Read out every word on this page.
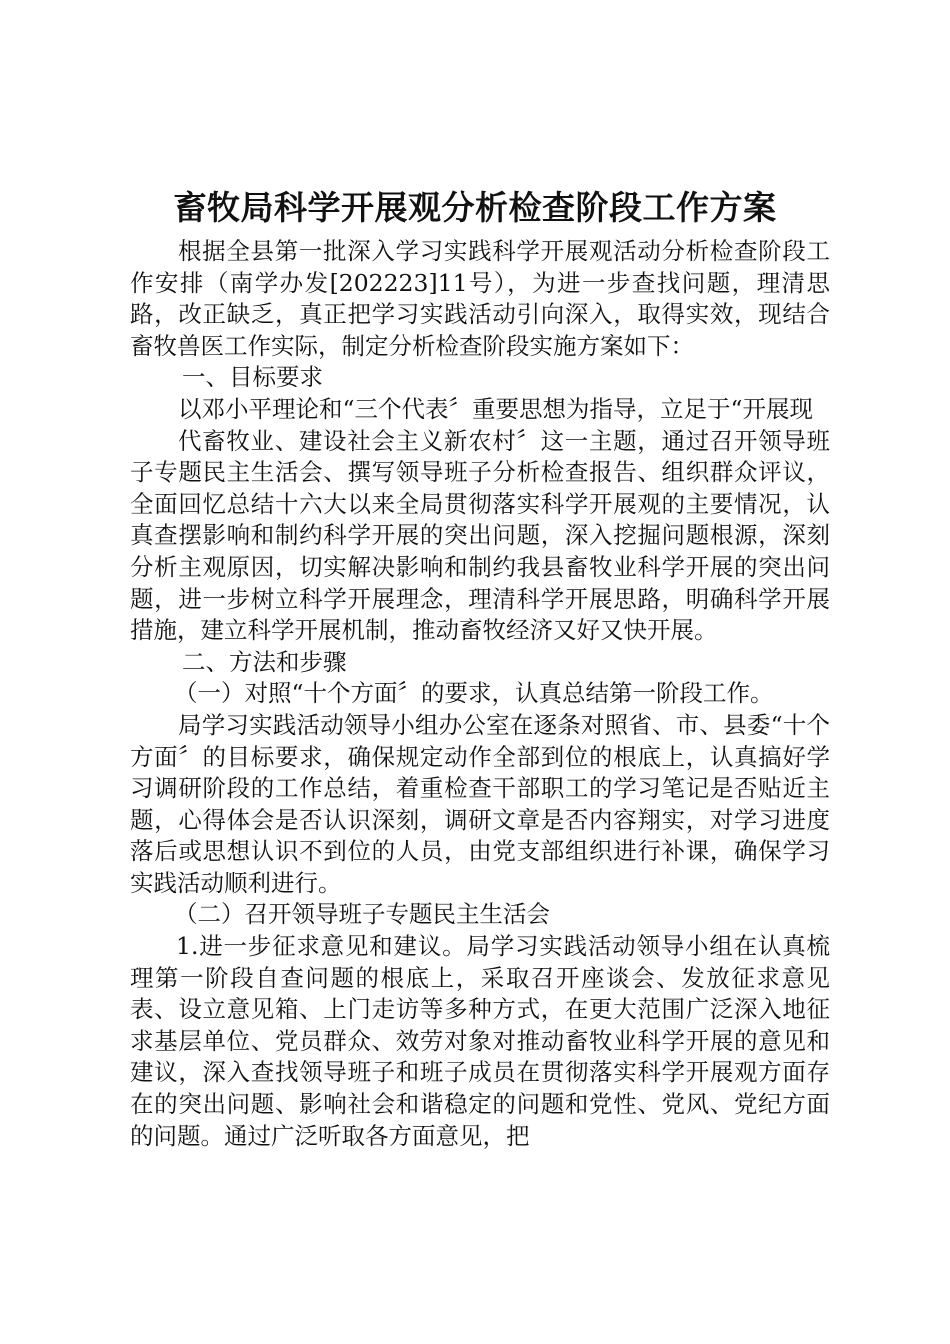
畜牧局科学开展观分析检查阶段工作方案

根据全县第一批深入学习实践科学开展观活动分析检查阶段工作安排（南学办发[202223]11号），为进一步查找问题，理清思路，改正缺乏，真正把学习实践活动引向深入，取得实效，现结合畜牧兽医工作实际，制定分析检查阶段实施方案如下：

一、目标要求

以邓小平理论和“三个代表〞重要思想为指导，立足于“开展现

代畜牧业、建设社会主义新农村〞这一主题，通过召开领导班子专题民主生活会、撰写领导班子分析检查报告、组织群众评议，全面回忆总结十六大以来全局贯彻落实科学开展观的主要情况，认真查摆影响和制约科学开展的突出问题，深入挖掘问题根源，深刻分析主观原因，切实解决影响和制约我县畜牧业科学开展的突出问题，进一步树立科学开展理念，理清科学开展思路，明确科学开展措施，建立科学开展机制，推动畜牧经济又好又快开展。

二、方法和步骤

（一）对照“十个方面〞的要求，认真总结第一阶段工作。

局学习实践活动领导小组办公室在逐条对照省、市、县委“十个方面〞的目标要求，确保规定动作全部到位的根底上，认真搞好学习调研阶段的工作总结，着重检查干部职工的学习笔记是否贴近主题，心得体会是否认识深刻，调研文章是否内容翔实，对学习进度落后或思想认识不到位的人员，由党支部组织进行补课，确保学习实践活动顺利进行。

（二）召开领导班子专题民主生活会

1.进一步征求意见和建议。局学习实践活动领导小组在认真梳理第一阶段自查问题的根底上，采取召开座谈会、发放征求意见表、设立意见箱、上门走访等多种方式，在更大范围广泛深入地征求基层单位、党员群众、效劳对象对推动畜牧业科学开展的意见和建议，深入查找领导班子和班子成员在贯彻落实科学开展观方面存在的突出问题、影响社会和谐稳定的问题和党性、党风、党纪方面的问题。通过广泛听取各方面意见，把
